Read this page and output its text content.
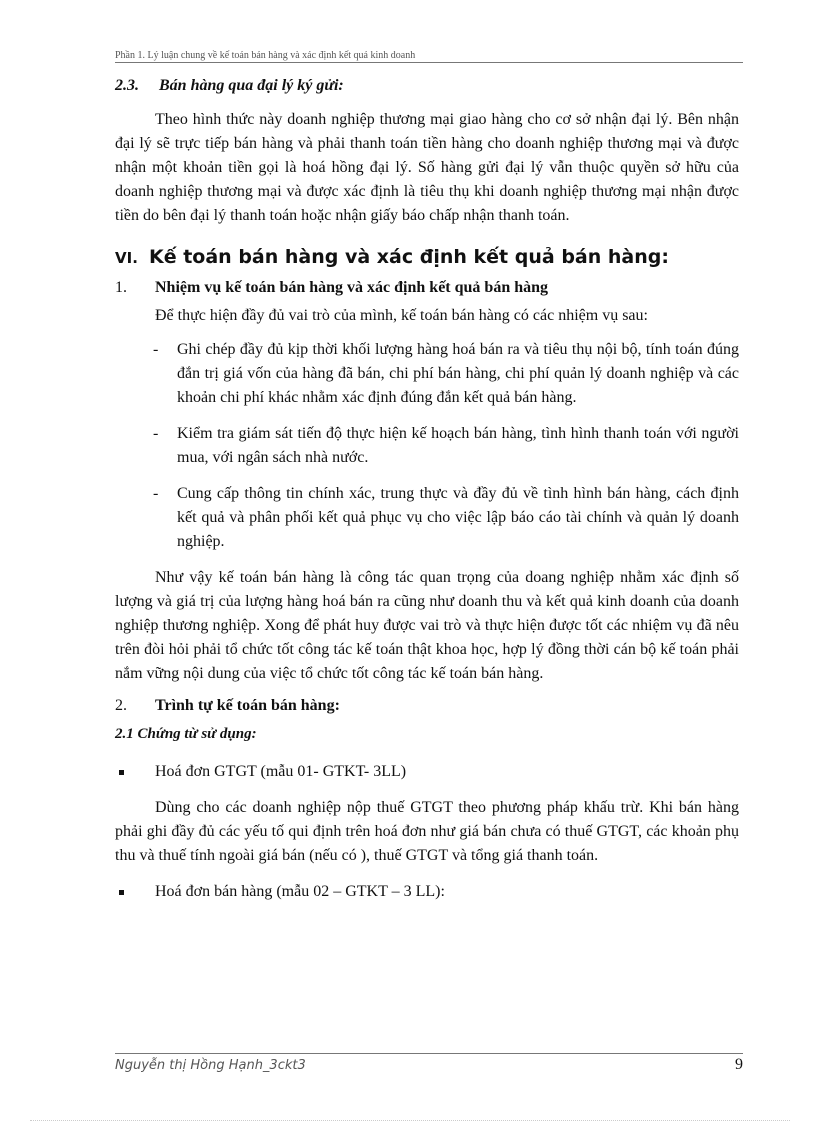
Phần 1. Lý luận chung về kế toán bán hàng và xác định kết quả kinh doanh
2.3. Bán hàng qua đại lý ký gửi:

Theo hình thức này doanh nghiệp thương mại giao hàng cho cơ sở nhận đại lý. Bên nhận đại lý sẽ trực tiếp bán hàng và phải thanh toán tiền hàng cho doanh nghiệp thương mại và được nhận một khoản tiền gọi là hoá hồng đại lý. Số hàng gửi đại lý vẫn thuộc quyền sở hữu của doanh nghiệp thương mại và được xác định là tiêu thụ khi doanh nghiệp thương mại nhận được tiền do bên đại lý thanh toán hoặc nhận giấy báo chấp nhận thanh toán.

VI. Kế toán bán hàng và xác định kết quả bán hàng:
1. Nhiệm vụ kế toán bán hàng và xác định kết quả bán hàng

Để thực hiện đầy đủ vai trò của mình, kế toán bán hàng có các nhiệm vụ sau:

- Ghi chép đầy đủ kịp thời khối lượng hàng hoá bán ra và tiêu thụ nội bộ, tính toán đúng đắn trị giá vốn của hàng đã bán, chi phí bán hàng, chi phí quản lý doanh nghiệp và các khoản chi phí khác nhằm xác định đúng đắn kết quả bán hàng.
- Kiểm tra giám sát tiến độ thực hiện kế hoạch bán hàng, tình hình thanh toán với người mua, với ngân sách nhà nước.
- Cung cấp thông tin chính xác, trung thực và đầy đủ về tình hình bán hàng, cách định kết quả và phân phối kết quả phục vụ cho việc lập báo cáo tài chính và quản lý doanh nghiệp.

Như vậy kế toán bán hàng là công tác quan trọng của doang nghiệp nhằm xác định số lượng và giá trị của lượng hàng hoá bán ra cũng như doanh thu và kết quả kinh doanh của doanh nghiệp thương nghiệp. Xong để phát huy được vai trò và thực hiện được tốt các nhiệm vụ đã nêu trên đòi hỏi phải tổ chức tốt công tác kế toán thật khoa học, hợp lý đồng thời cán bộ kế toán phải nắm vững nội dung của việc tổ chức tốt công tác kế toán bán hàng.

2. Trình tự kế toán bán hàng:
2.1 Chứng từ sử dụng:
Hoá đơn GTGT (mẫu 01- GTKT- 3LL)

Dùng cho các doanh nghiệp nộp thuế GTGT theo phương pháp khấu trừ. Khi bán hàng phải ghi đầy đủ các yếu tố qui định trên hoá đơn như giá bán chưa có thuế GTGT, các khoản phụ thu và thuế tính ngoài giá bán (nếu có ), thuế GTGT và tổng giá thanh toán.

Hoá đơn bán hàng (mẫu 02 – GTKT – 3 LL):
Nguyễn thị Hồng Hạnh_3ckt3	9
